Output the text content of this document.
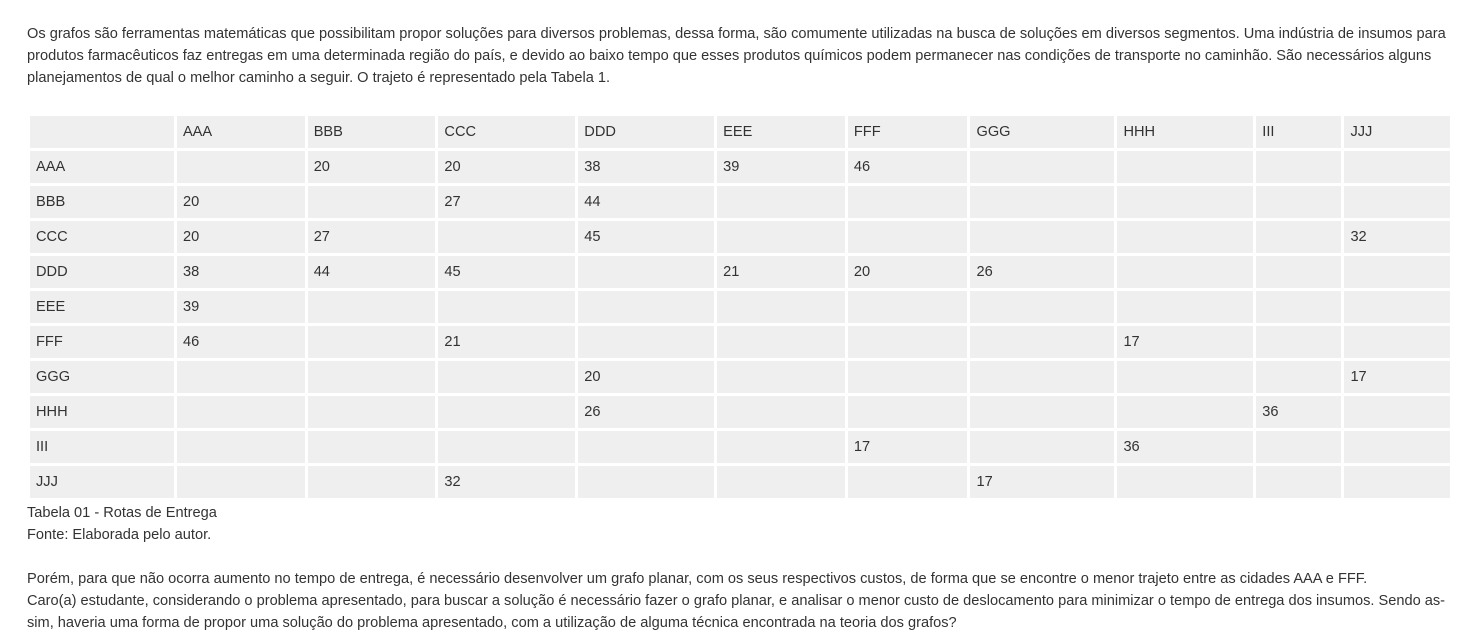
Os grafos são ferramentas matemáticas que possibilitam propor soluções para diversos problemas, dessa forma, são comumente utilizadas na busca de soluções em diversos segmentos. Uma indústria de insumos para produtos farmacêuticos faz entregas em uma determinada região do país, e devido ao baixo tempo que esses produtos químicos podem permanecer nas condições de transporte no caminhão. São necessários alguns planejamentos de qual o melhor caminho a seguir. O trajeto é representado pela Tabela 1.

	AAA	BBB	CCC	DDD	EEE	FFF	GGG	HHH	III	JJJ
AAA		20	20	38	39	46				
BBB	20		27	44						
CCC	20	27		45						32
DDD	38	44	45		21	20	26			
EEE	39									
FFF	46		21					17		
GGG				20						17
HHH				26					36	
III						17		36		
JJJ			32				17			
Tabela 01 - Rotas de Entrega
Fonte: Elaborada pelo autor.

Porém, para que não ocorra aumento no tempo de entrega, é necessário desenvolver um grafo planar, com os seus respectivos custos, de forma que se encontre o menor trajeto entre as cidades AAA e FFF.

Caro(a) estudante, considerando o problema apresentado, para buscar a solução é necessário fazer o grafo planar, e analisar o menor custo de deslocamento para minimizar o tempo de entrega dos insumos. Sendo as-sim, haveria uma forma de propor uma solução do problema apresentado, com a utilização de alguma técnica encontrada na teoria dos grafos?
